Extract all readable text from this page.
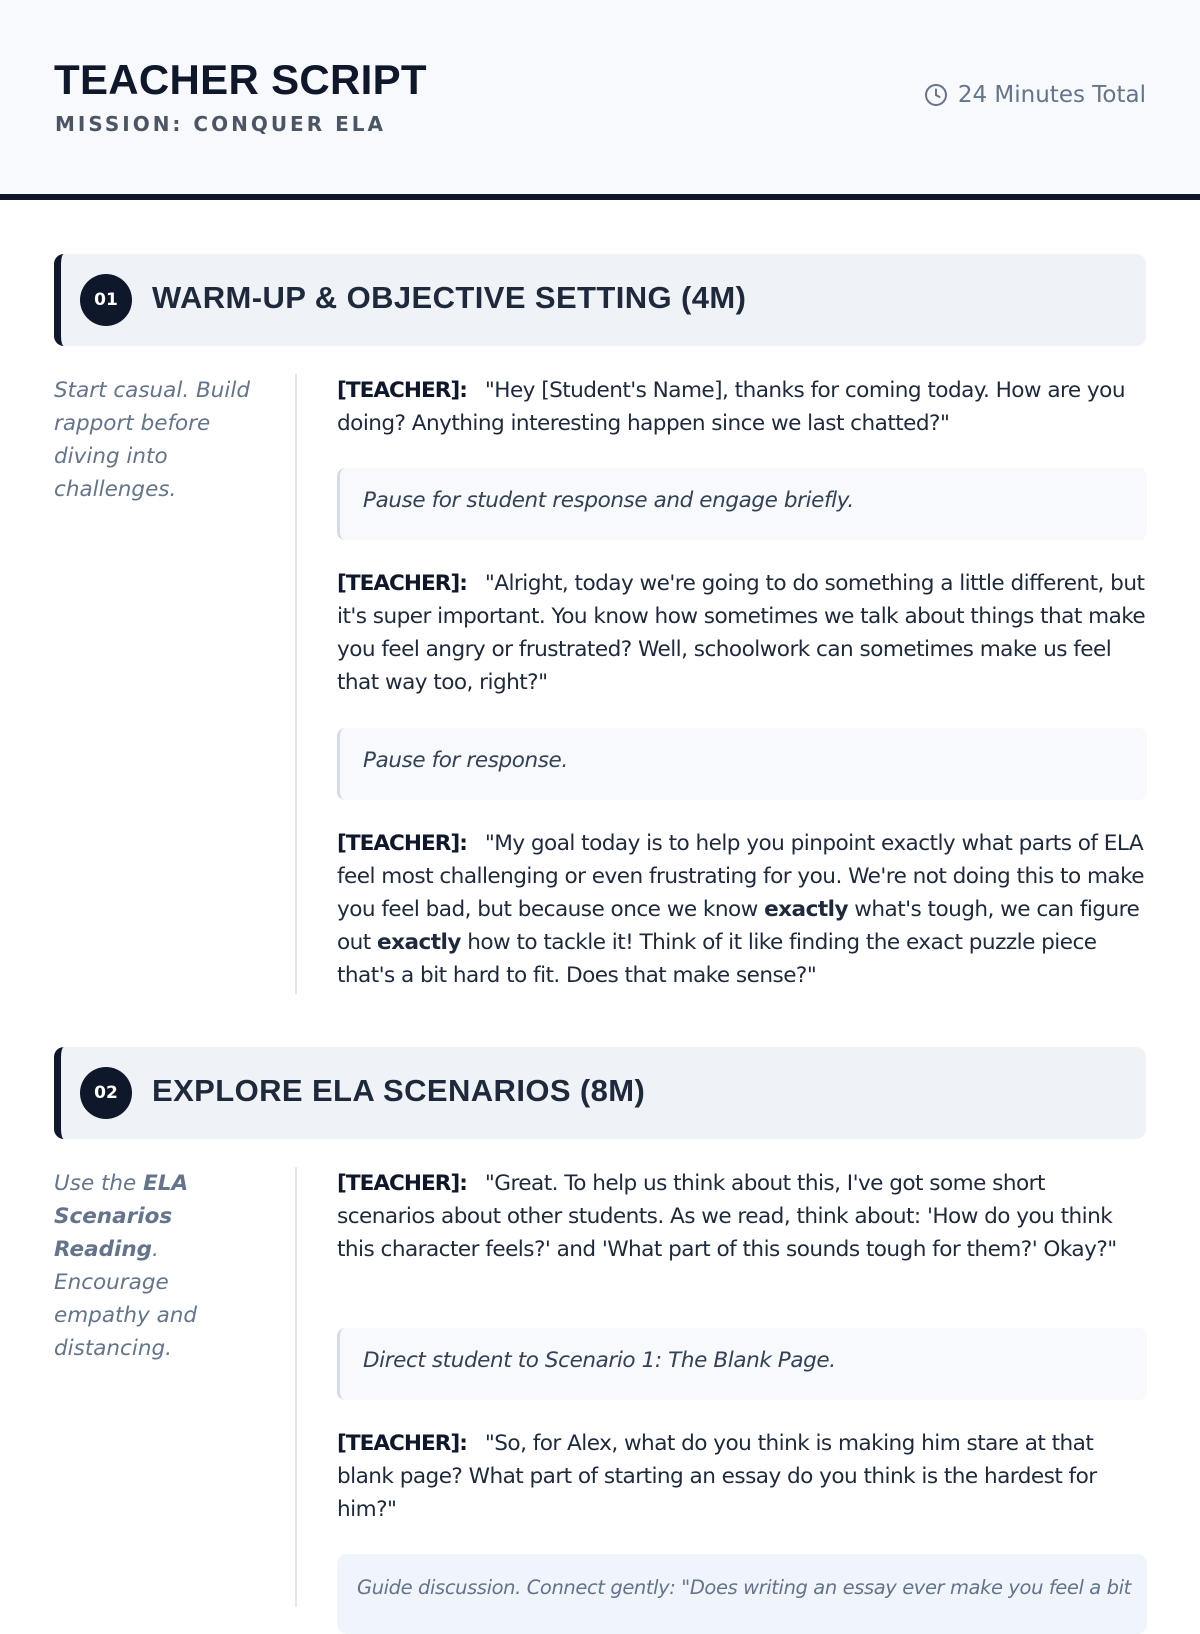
TEACHER SCRIPT
MISSION: CONQUER ELA
24 Minutes Total
01	WARM-UP & OBJECTIVE SETTING (4M)
Start casual. Build rapport before diving into challenges.
[TEACHER]: "Hey [Student's Name], thanks for coming today. How are you doing? Anything interesting happen since we last chatted?"
Pause for student response and engage briefly.
[TEACHER]: "Alright, today we're going to do something a little different, but it's super important. You know how sometimes we talk about things that make you feel angry or frustrated? Well, schoolwork can sometimes make us feel that way too, right?"
Pause for response.
[TEACHER]: "My goal today is to help you pinpoint exactly what parts of ELA feel most challenging or even frustrating for you. We're not doing this to make you feel bad, but because once we know exactly what's tough, we can figure out exactly how to tackle it! Think of it like finding the exact puzzle piece that's a bit hard to fit. Does that make sense?"
02	EXPLORE ELA SCENARIOS (8M)
Use the ELA Scenarios Reading. Encourage empathy and distancing.
[TEACHER]: "Great. To help us think about this, I've got some short scenarios about other students. As we read, think about: 'How do you think this character feels?' and 'What part of this sounds tough for them?' Okay?"
Direct student to Scenario 1: The Blank Page.
[TEACHER]: "So, for Alex, what do you think is making him stare at that blank page? What part of starting an essay do you think is the hardest for him?"
Guide discussion. Connect gently: "Does writing an essay ever make you feel a bit
